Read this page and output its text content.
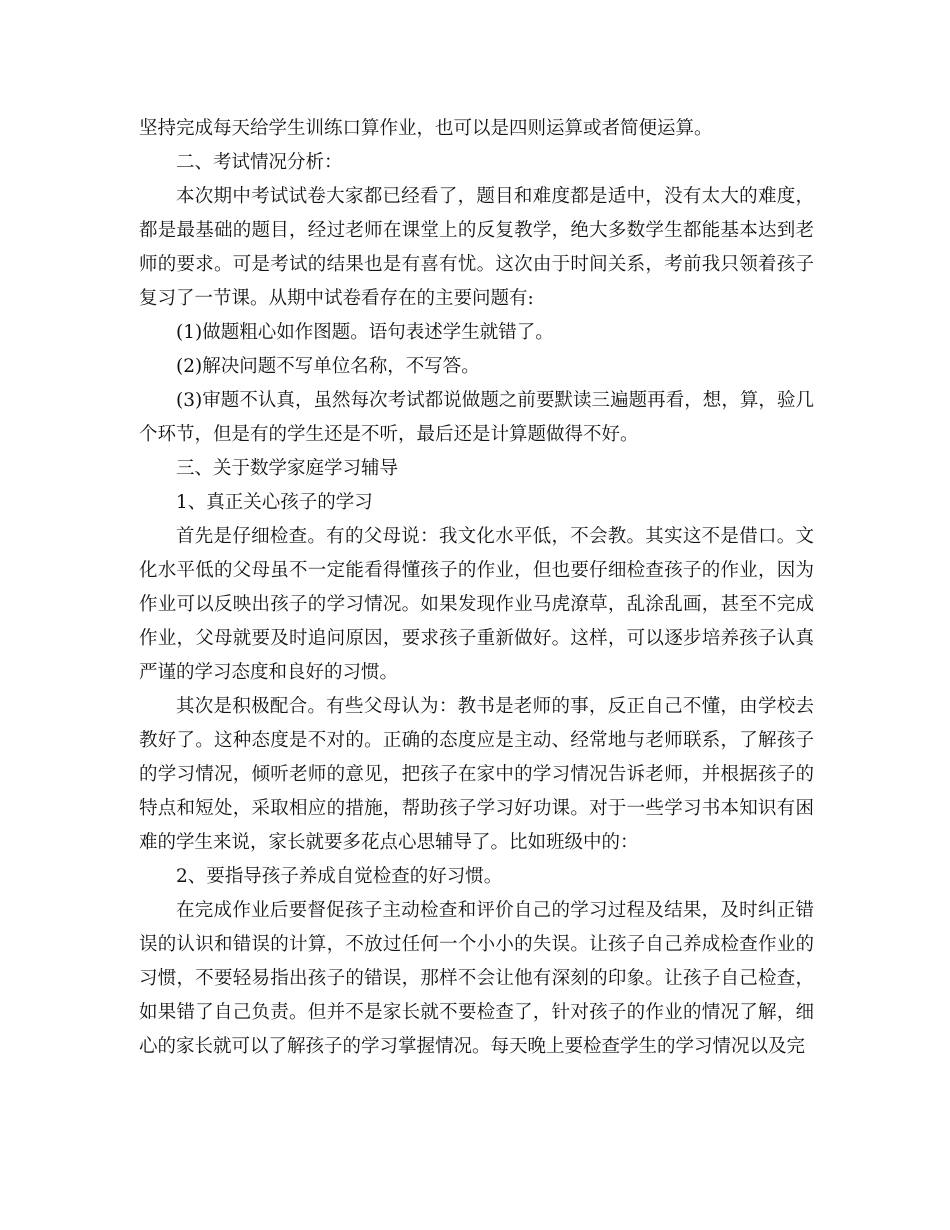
坚持完成每天给学生训练口算作业，也可以是四则运算或者简便运算。

二、考试情况分析：

本次期中考试试卷大家都已经看了，题目和难度都是适中，没有太大的难度，都是最基础的题目，经过老师在课堂上的反复教学，绝大多数学生都能基本达到老师的要求。可是考试的结果也是有喜有忧。这次由于时间关系，考前我只领着孩子复习了一节课。从期中试卷看存在的主要问题有:

(1)做题粗心如作图题。语句表述学生就错了。

(2)解决问题不写单位名称，不写答。

(3)审题不认真，虽然每次考试都说做题之前要默读三遍题再看，想，算，验几个环节，但是有的学生还是不听，最后还是计算题做得不好。

三、关于数学家庭学习辅导

1、真正关心孩子的学习

首先是仔细检查。有的父母说：我文化水平低，不会教。其实这不是借口。文化水平低的父母虽不一定能看得懂孩子的作业，但也要仔细检查孩子的作业，因为作业可以反映出孩子的学习情况。如果发现作业马虎潦草，乱涂乱画，甚至不完成作业，父母就要及时追问原因，要求孩子重新做好。这样，可以逐步培养孩子认真严谨的学习态度和良好的习惯。

其次是积极配合。有些父母认为：教书是老师的事，反正自己不懂，由学校去教好了。这种态度是不对的。正确的态度应是主动、经常地与老师联系，了解孩子的学习情况，倾听老师的意见，把孩子在家中的学习情况告诉老师，并根据孩子的特点和短处，采取相应的措施，帮助孩子学习好功课。对于一些学习书本知识有困难的学生来说，家长就要多花点心思辅导了。比如班级中的：

2、要指导孩子养成自觉检查的好习惯。

在完成作业后要督促孩子主动检查和评价自己的学习过程及结果，及时纠正错误的认识和错误的计算，不放过任何一个小小的失误。让孩子自己养成检查作业的习惯，不要轻易指出孩子的错误，那样不会让他有深刻的印象。让孩子自己检查，如果错了自己负责。但并不是家长就不要检查了，针对孩子的作业的情况了解，细心的家长就可以了解孩子的学习掌握情况。每天晚上要检查学生的学习情况以及完
